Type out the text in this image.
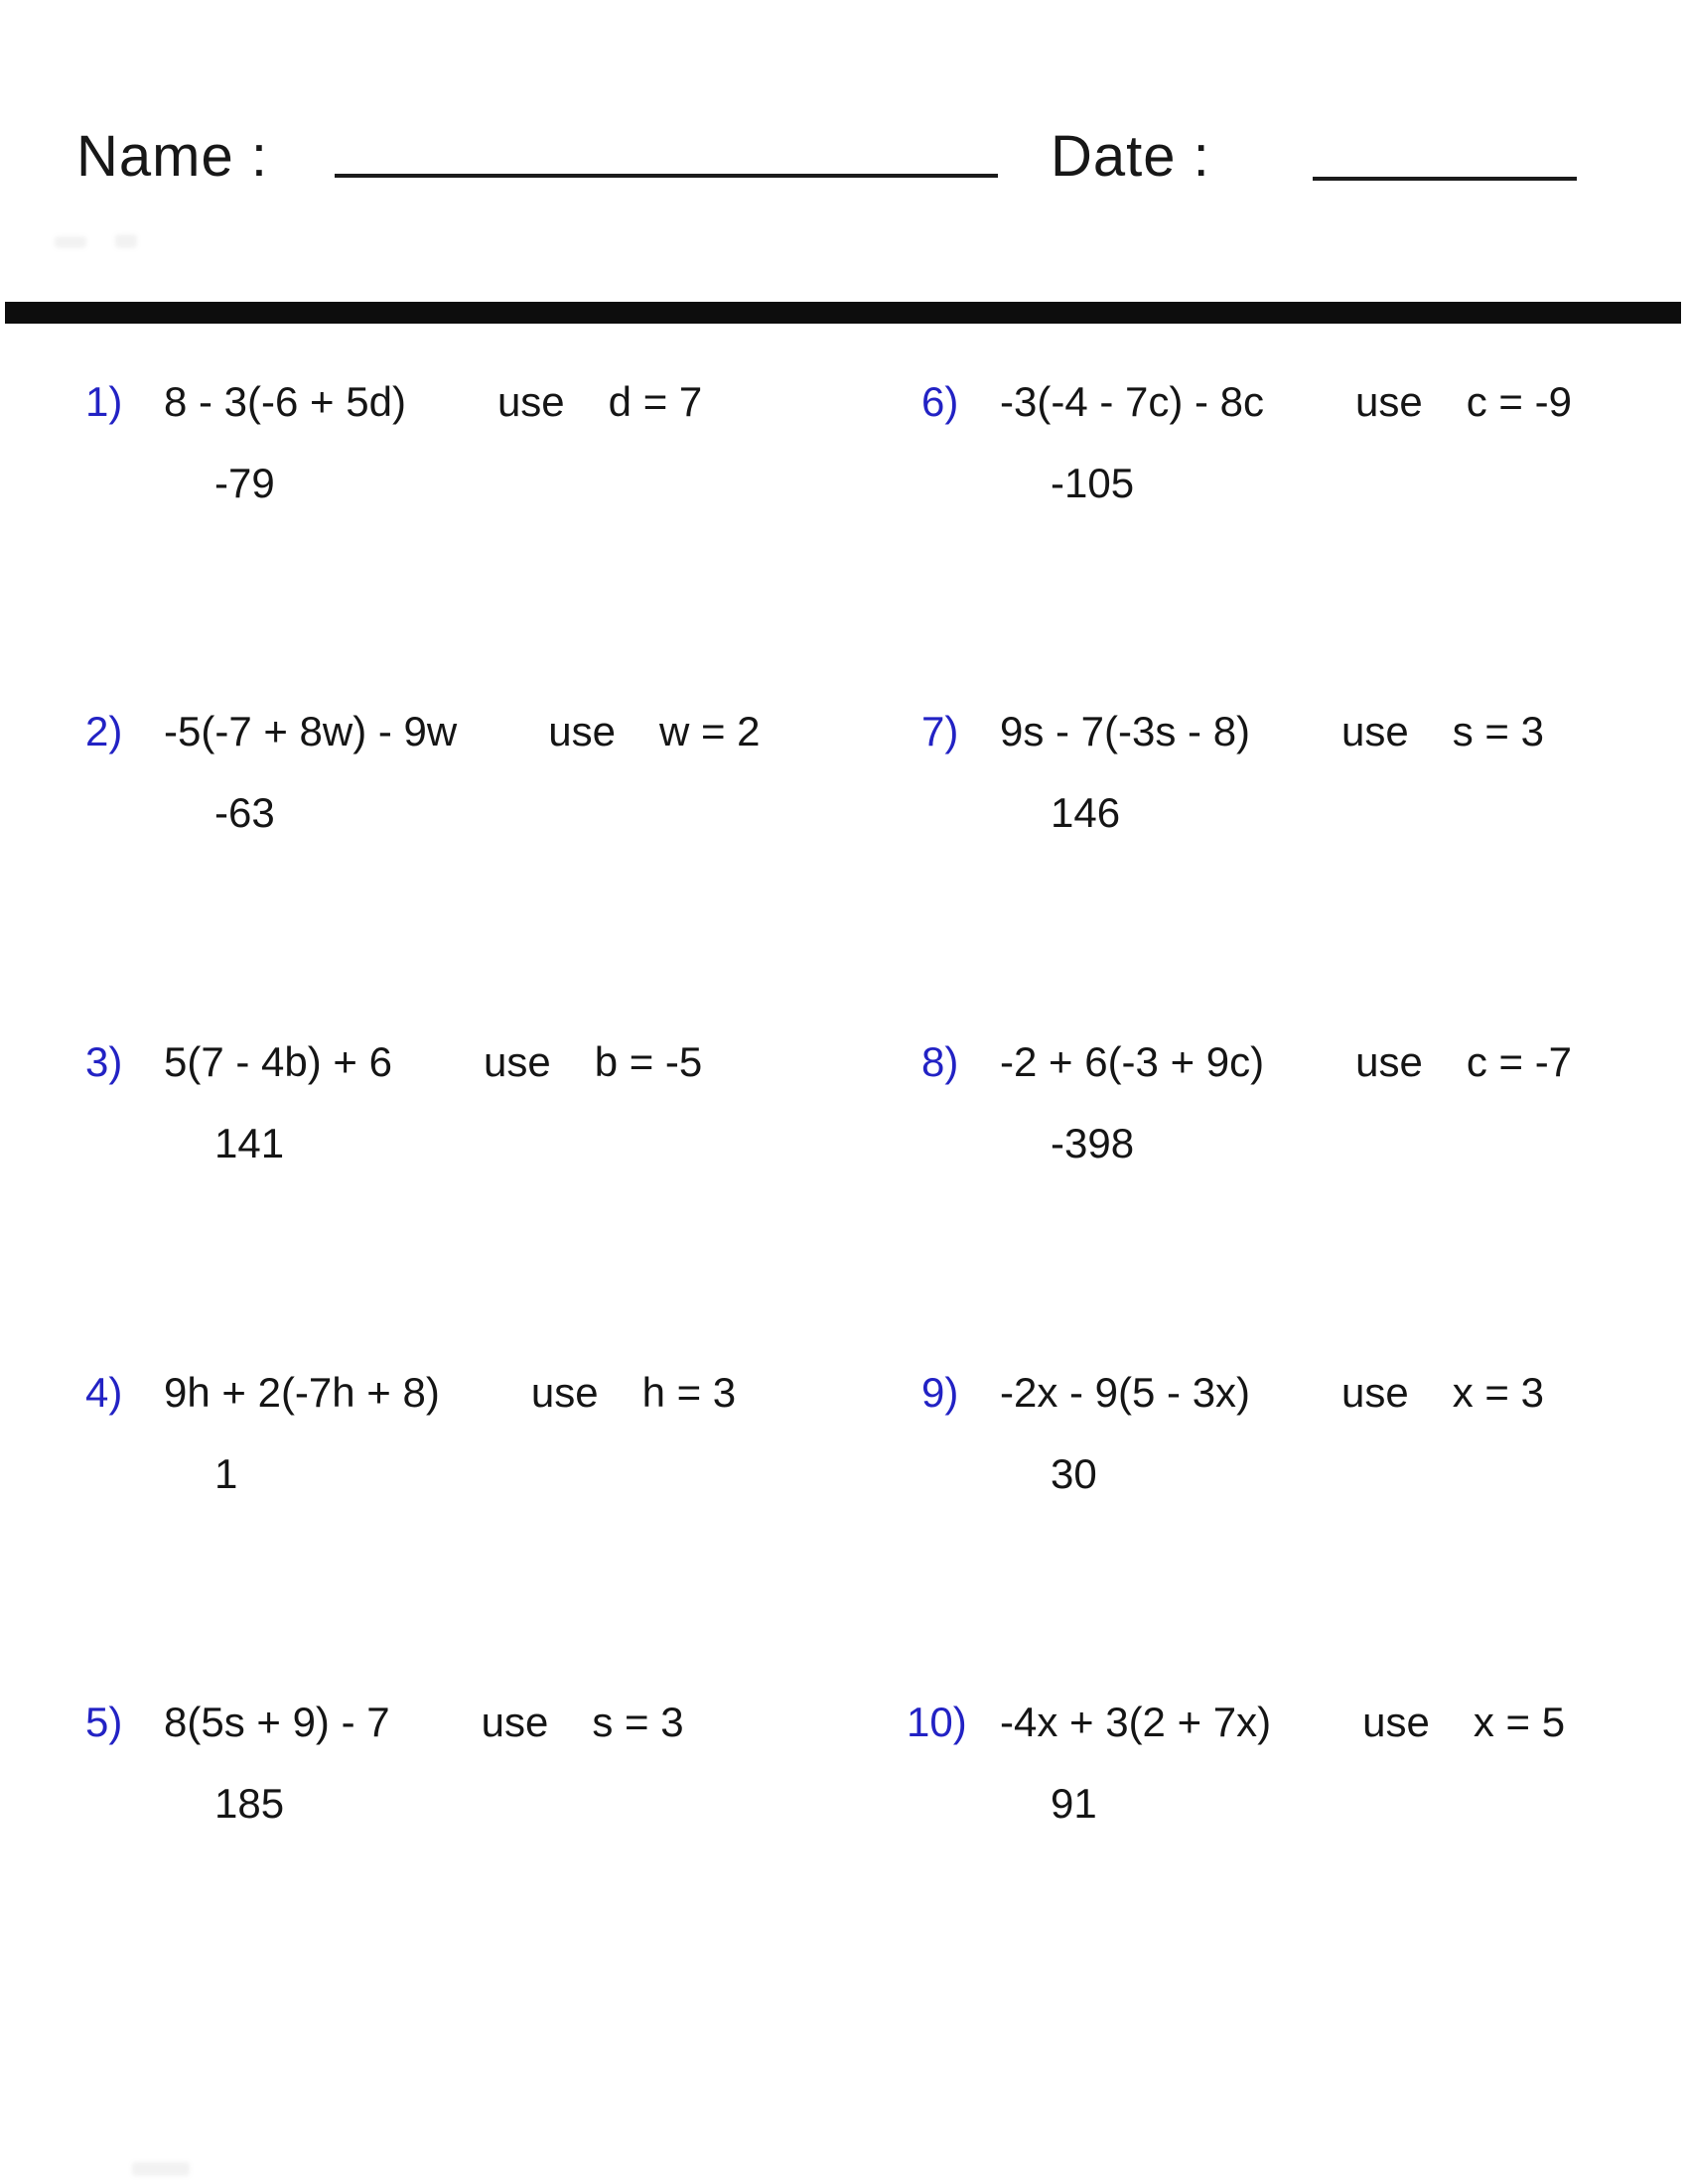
Name :	Date :
1) 8 - 3(-6 + 5d) use d = 7
-79
2) -5(-7 + 8w) - 9w use w = 2
-63
3) 5(7 - 4b) + 6 use b = -5
141
4) 9h + 2(-7h + 8) use h = 3
1
5) 8(5s + 9) - 7 use s = 3
185
6) -3(-4 - 7c) - 8c use c = -9
-105
7) 9s - 7(-3s - 8) use s = 3
146
8) -2 + 6(-3 + 9c) use c = -7
-398
9) -2x - 9(5 - 3x) use x = 3
30
10) -4x + 3(2 + 7x) use x = 5
91
